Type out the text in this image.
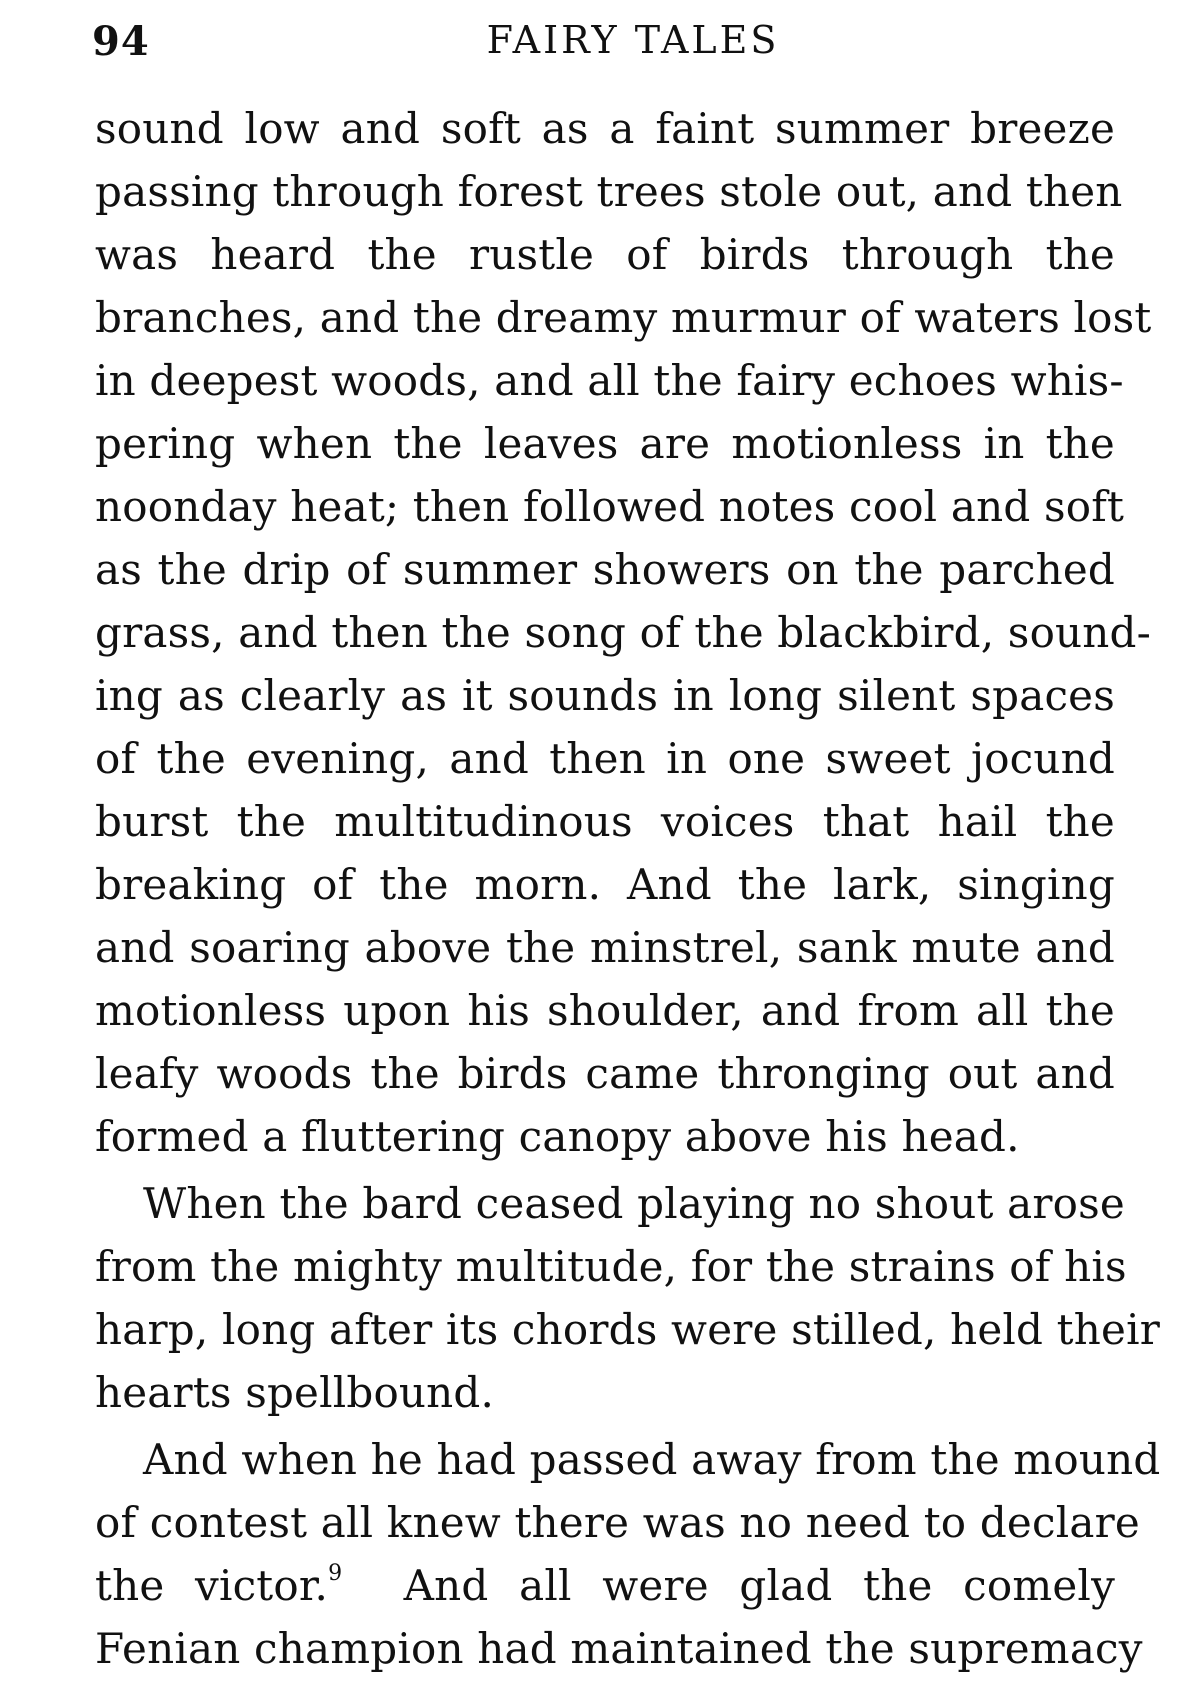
94	FAIRY TALES
sound low and soft as a faint summer breeze
passing through forest trees stole out, and then
was heard the rustle of birds through the
branches, and the dreamy murmur of waters lost
in deepest woods, and all the fairy echoes whis-
pering when the leaves are motionless in the
noonday heat; then followed notes cool and soft
as the drip of summer showers on the parched
grass, and then the song of the blackbird, sound-
ing as clearly as it sounds in long silent spaces
of the evening, and then in one sweet jocund
burst the multitudinous voices that hail the
breaking of the morn. And the lark, singing
and soaring above the minstrel, sank mute and
motionless upon his shoulder, and from all the
leafy woods the birds came thronging out and
formed a fluttering canopy above his head.
When the bard ceased playing no shout arose
from the mighty multitude, for the strains of his
harp, long after its chords were stilled, held their
hearts spellbound.
And when he had passed away from the mound
of contest all knew there was no need to declare
the victor.$^9$  And all were glad the comely
Fenian champion had maintained the supremacy
